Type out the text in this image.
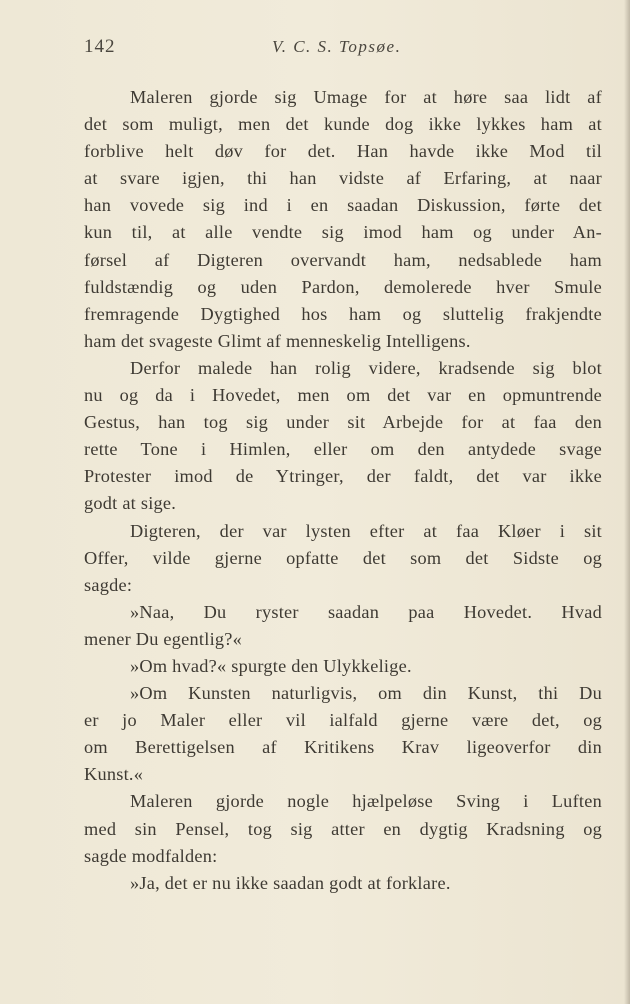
142	V. C. S. Topsøe.
Maleren gjorde sig Umage for at høre saa lidt af
det som muligt, men det kunde dog ikke lykkes ham at
forblive helt døv for det. Han havde ikke Mod til
at svare igjen, thi han vidste af Erfaring, at naar
han vovede sig ind i en saadan Diskussion, førte det
kun til, at alle vendte sig imod ham og under An-
førsel af Digteren overvandt ham, nedsablede ham
fuldstændig og uden Pardon, demolerede hver Smule
fremragende Dygtighed hos ham og sluttelig frakjendte
ham det svageste Glimt af menneskelig Intelligens.
Derfor malede han rolig videre, kradsende sig blot
nu og da i Hovedet, men om det var en opmuntrende
Gestus, han tog sig under sit Arbejde for at faa den
rette Tone i Himlen, eller om den antydede svage
Protester imod de Ytringer, der faldt, det var ikke
godt at sige.
Digteren, der var lysten efter at faa Kløer i sit
Offer, vilde gjerne opfatte det som det Sidste og
sagde:
»Naa, Du ryster saadan paa Hovedet. Hvad
mener Du egentlig?«
»Om hvad?« spurgte den Ulykkelige.
»Om Kunsten naturligvis, om din Kunst, thi Du
er jo Maler eller vil ialfald gjerne være det, og
om Berettigelsen af Kritikens Krav ligeoverfor din
Kunst.«
Maleren gjorde nogle hjælpeløse Sving i Luften
med sin Pensel, tog sig atter en dygtig Kradsning og
sagde modfalden:
»Ja, det er nu ikke saadan godt at forklare.
